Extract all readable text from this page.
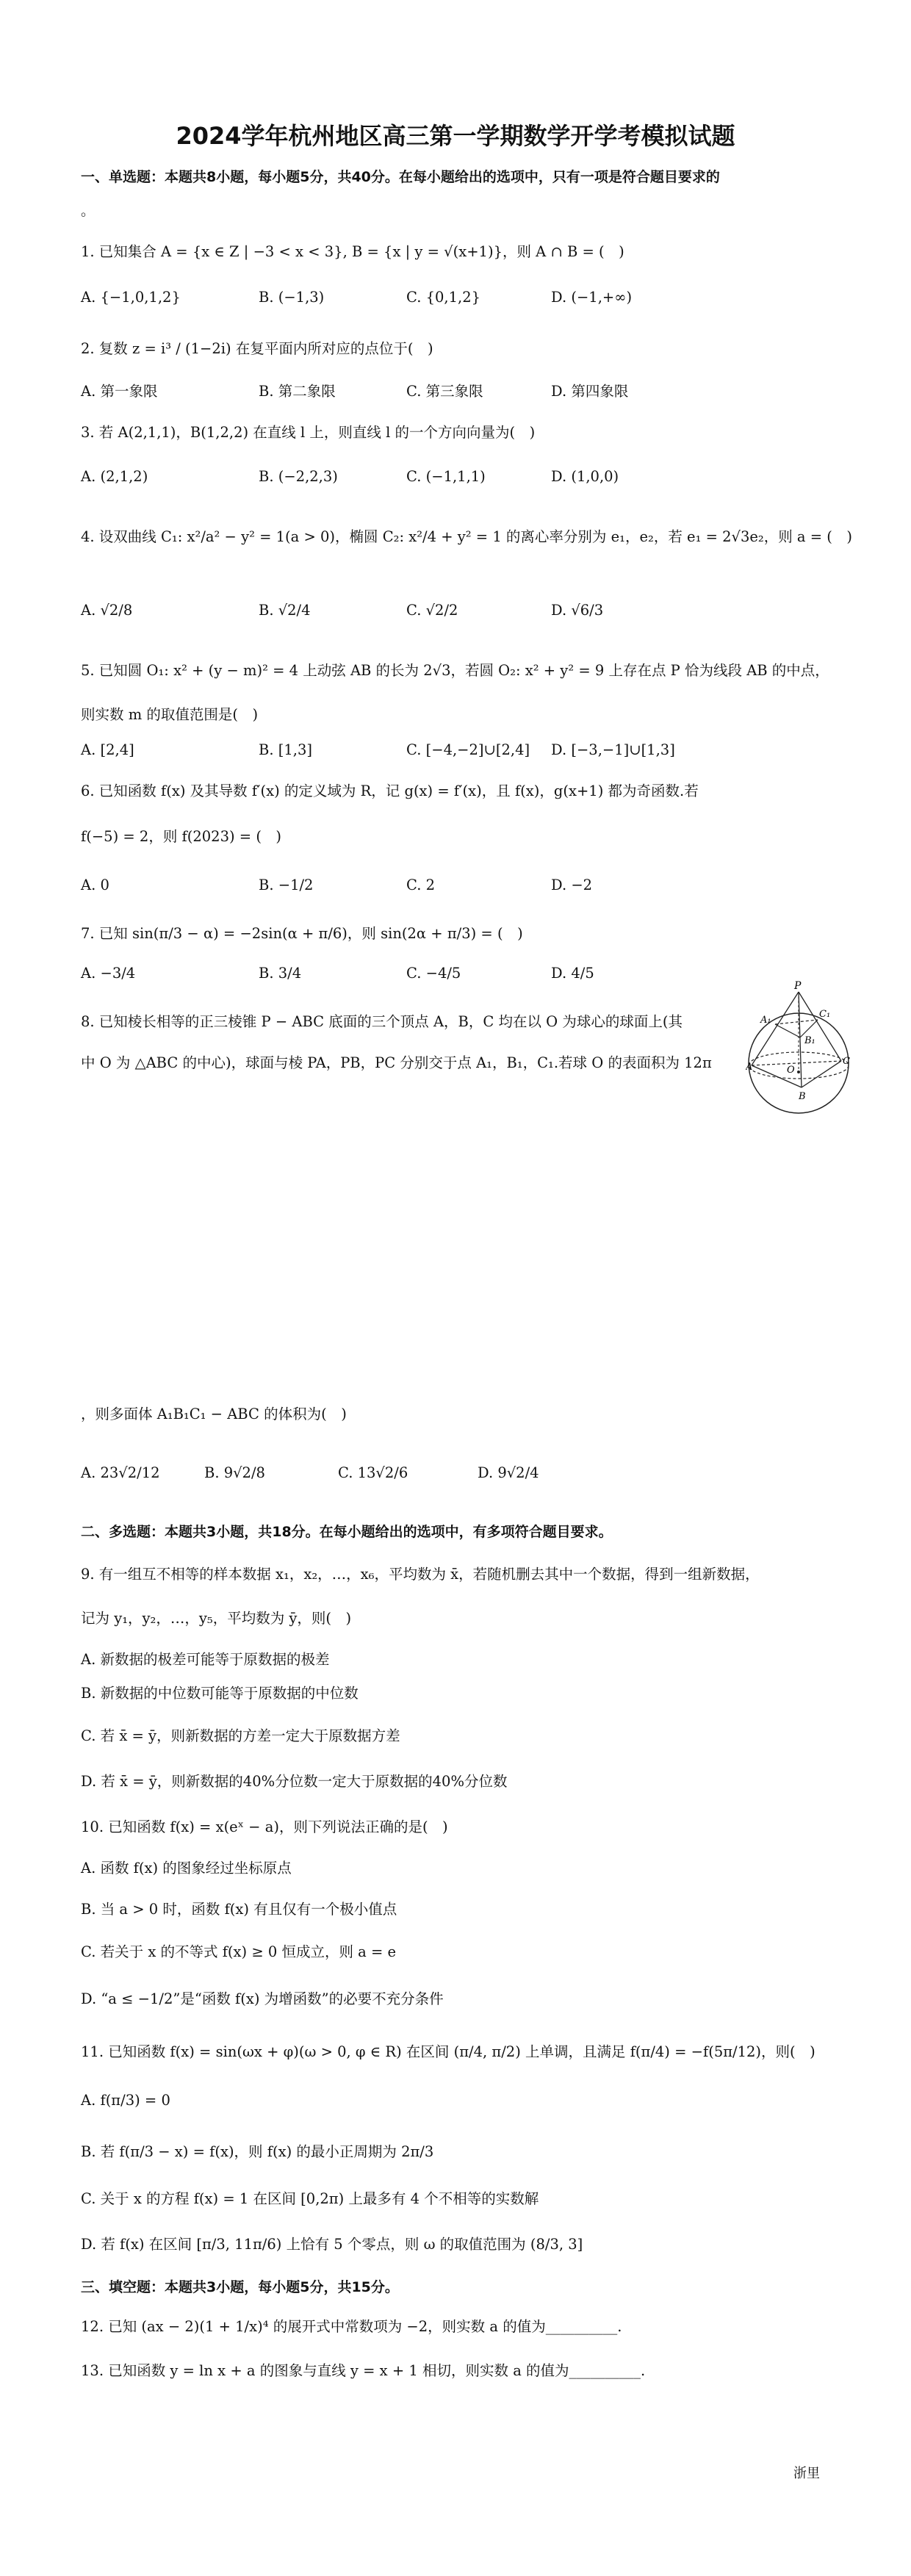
2024学年杭州地区高三第一学期数学开学考模拟试题
一、单选题：本题共8小题，每小题5分，共40分。在每小题给出的选项中，只有一项是符合题目要求的
。
1. 已知集合 A = {x ∈ Z | −3 < x < 3}, B = {x | y = √(x+1)}，则 A ∩ B = (　)
A. {−1,0,1,2}	B. (−1,3)	C. {0,1,2}	D. (−1,+∞)
2. 复数 z = i³ / (1−2i) 在复平面内所对应的点位于(　)
A. 第一象限	B. 第二象限	C. 第三象限	D. 第四象限
3. 若 A(2,1,1)，B(1,2,2) 在直线 l 上，则直线 l 的一个方向向量为(　)
A. (2,1,2)	B. (−2,2,3)	C. (−1,1,1)	D. (1,0,0)
4. 设双曲线 C₁: x²/a² − y² = 1(a > 0)，椭圆 C₂: x²/4 + y² = 1 的离心率分别为 e₁，e₂，若 e₁ = 2√3e₂，则 a = (　)
A. √2/8	B. √2/4	C. √2/2	D. √6/3
5. 已知圆 O₁: x² + (y − m)² = 4 上动弦 AB 的长为 2√3，若圆 O₂: x² + y² = 9 上存在点 P 恰为线段 AB 的中点，
则实数 m 的取值范围是(　)
A. [2,4]	B. [1,3]	C. [−4,−2]∪[2,4] D. [−3,−1]∪[1,3]
6. 已知函数 f(x) 及其导数 f′(x) 的定义域为 R，记 g(x) = f′(x)，且 f(x)，g(x+1) 都为奇函数.若
f(−5) = 2，则 f(2023) = (　)
A. 0	B. −1/2	C. 2	D. −2
7. 已知 sin(π/3 − α) = −2sin(α + π/6)，则 sin(2α + π/3) = (　)
A. −3/4	B. 3/4	C. −4/5	D. 4/5
8. 已知棱长相等的正三棱锥 P − ABC 底面的三个顶点 A，B，C 均在以 O 为球心的球面上(其
中 O 为 △ABC 的中心)，球面与棱 PA，PB，PC 分别交于点 A₁，B₁，C₁.若球 O 的表面积为 12π
P
A₁
B₁
C₁
A
B
C
O
，则多面体 A₁B₁C₁ − ABC 的体积为(　)
A. 23√2/12	B. 9√2/8	C. 13√2/6	D. 9√2/4
二、多选题：本题共3小题，共18分。在每小题给出的选项中，有多项符合题目要求。
9. 有一组互不相等的样本数据 x₁，x₂，…，x₆，平均数为 x̄，若随机删去其中一个数据，得到一组新数据，
记为 y₁，y₂，…，y₅，平均数为 ȳ，则(　)
A. 新数据的极差可能等于原数据的极差
B. 新数据的中位数可能等于原数据的中位数
C. 若 x̄ = ȳ，则新数据的方差一定大于原数据方差
D. 若 x̄ = ȳ，则新数据的40%分位数一定大于原数据的40%分位数
10. 已知函数 f(x) = x(eˣ − a)，则下列说法正确的是(　)
A. 函数 f(x) 的图象经过坐标原点
B. 当 a > 0 时，函数 f(x) 有且仅有一个极小值点
C. 若关于 x 的不等式 f(x) ≥ 0 恒成立，则 a = e
D. “a ≤ −1/2”是“函数 f(x) 为增函数”的必要不充分条件
11. 已知函数 f(x) = sin(ωx + φ)(ω > 0, φ ∈ R) 在区间 (π/4, π/2) 上单调，且满足 f(π/4) = −f(5π/12)，则(　)
A. f(π/3) = 0
B. 若 f(π/3 − x) = f(x)，则 f(x) 的最小正周期为 2π/3
C. 关于 x 的方程 f(x) = 1 在区间 [0,2π) 上最多有 4 个不相等的实数解
D. 若 f(x) 在区间 [π/3, 11π/6) 上恰有 5 个零点，则 ω 的取值范围为 (8/3, 3]
三、填空题：本题共3小题，每小题5分，共15分。
12. 已知 (ax − 2)(1 + 1/x)⁴ 的展开式中常数项为 −2，则实数 a 的值为__________.
13. 已知函数 y = ln x + a 的图象与直线 y = x + 1 相切，则实数 a 的值为__________.
浙里
